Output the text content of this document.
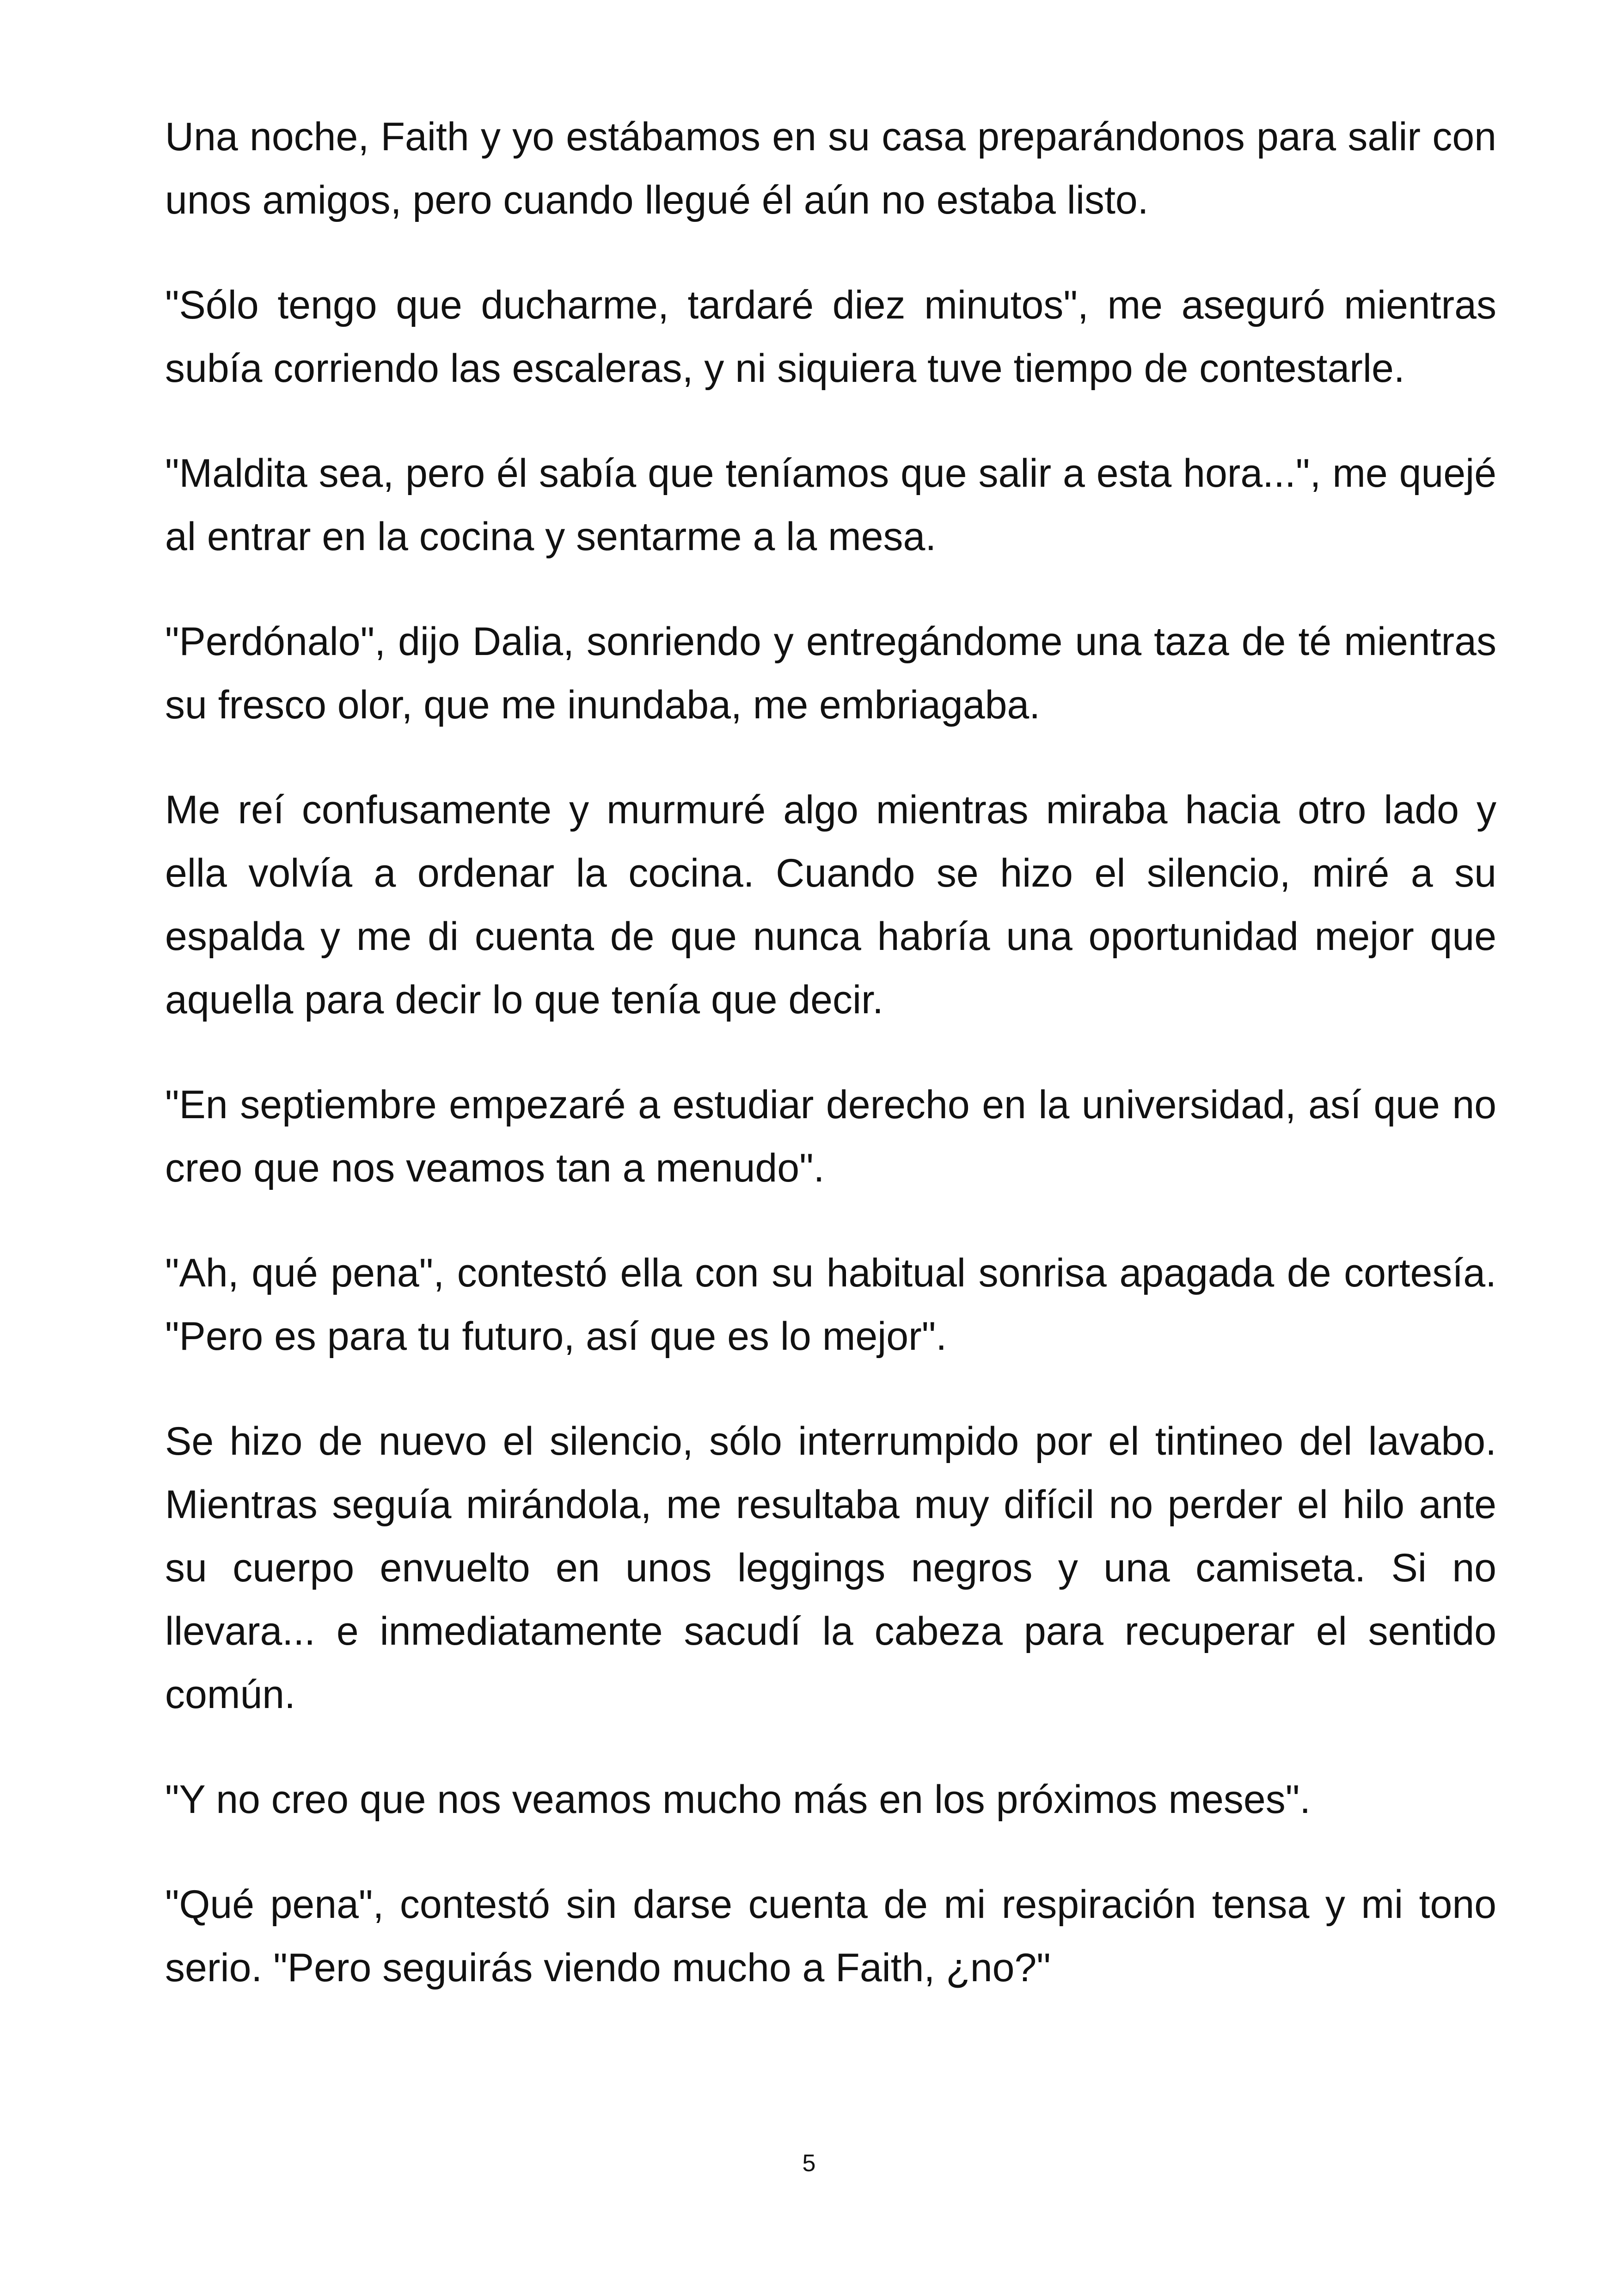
Una noche, Faith y yo estábamos en su casa preparándonos para salir con unos amigos, pero cuando llegué él aún no estaba listo.

"Sólo tengo que ducharme, tardaré diez minutos", me aseguró mientras subía corriendo las escaleras, y ni siquiera tuve tiempo de contestarle.

"Maldita sea, pero él sabía que teníamos que salir a esta hora...", me quejé al entrar en la cocina y sentarme a la mesa.

"Perdónalo", dijo Dalia, sonriendo y entregándome una taza de té mientras su fresco olor, que me inundaba, me embriagaba.

Me reí confusamente y murmuré algo mientras miraba hacia otro lado y ella volvía a ordenar la cocina. Cuando se hizo el silencio, miré a su espalda y me di cuenta de que nunca habría una oportunidad mejor que aquella para decir lo que tenía que decir.

"En septiembre empezaré a estudiar derecho en la universidad, así que no creo que nos veamos tan a menudo".

"Ah, qué pena", contestó ella con su habitual sonrisa apagada de cortesía. "Pero es para tu futuro, así que es lo mejor".

Se hizo de nuevo el silencio, sólo interrumpido por el tintineo del lavabo. Mientras seguía mirándola, me resultaba muy difícil no perder el hilo ante su cuerpo envuelto en unos leggings negros y una camiseta. Si no llevara... e inmediatamente sacudí la cabeza para recuperar el sentido común.

"Y no creo que nos veamos mucho más en los próximos meses".

"Qué pena", contestó sin darse cuenta de mi respiración tensa y mi tono serio. "Pero seguirás viendo mucho a Faith, ¿no?"

5
